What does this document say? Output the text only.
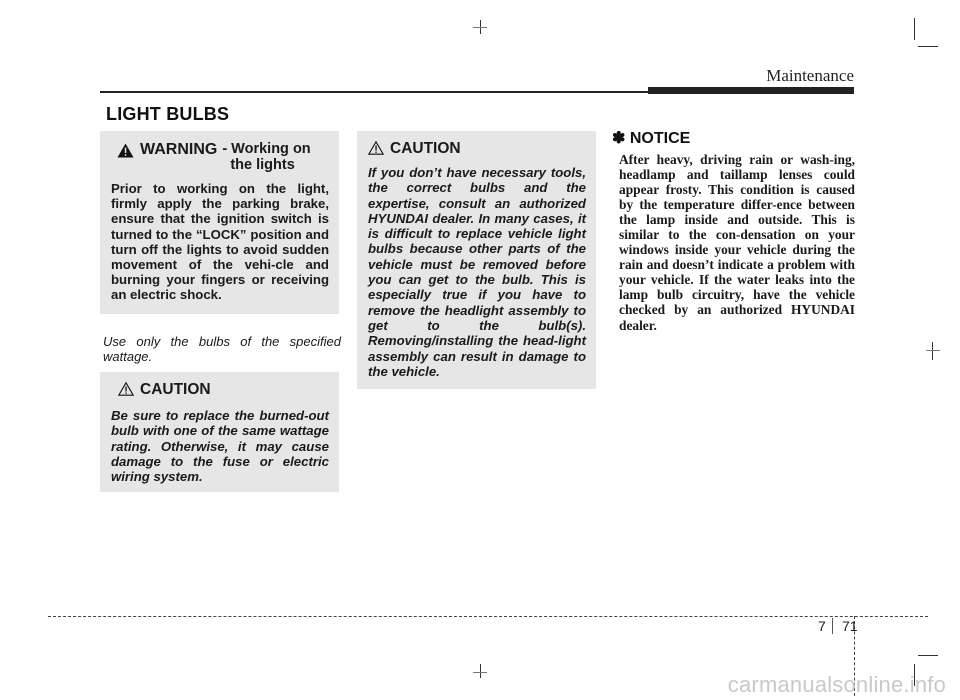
Maintenance
LIGHT BULBS
WARNING - Working on
the lights
Prior to working on the light, firmly apply the parking brake, ensure that the ignition switch is turned to the “LOCK” position and turn off the lights to avoid sudden movement of the vehi-cle and burning your fingers or receiving an electric shock.
Use only the bulbs of the specified wattage.
CAUTION
Be sure to replace the burned-out bulb with one of the same wattage rating. Otherwise, it may cause damage to the fuse or electric wiring system.
CAUTION
If you don’t have necessary tools, the correct bulbs and the expertise, consult an authorized HYUNDAI dealer. In many cases, it is difficult to replace vehicle light bulbs because other parts of the vehicle must be removed before you can get to the bulb. This is especially true if you have to remove the headlight assembly to get to the bulb(s). Removing/installing the head-light assembly can result in damage to the vehicle.
✽ NOTICE
After heavy, driving rain or wash-ing, headlamp and taillamp lenses could appear frosty. This condition is caused by the temperature differ-ence between the lamp inside and outside. This is similar to the con-densation on your windows inside your vehicle during the rain and doesn’t indicate a problem with your vehicle. If the water leaks into the lamp bulb circuitry, have the vehicle checked by an authorized HYUNDAI dealer.
7 71
carmanualsonline.info
